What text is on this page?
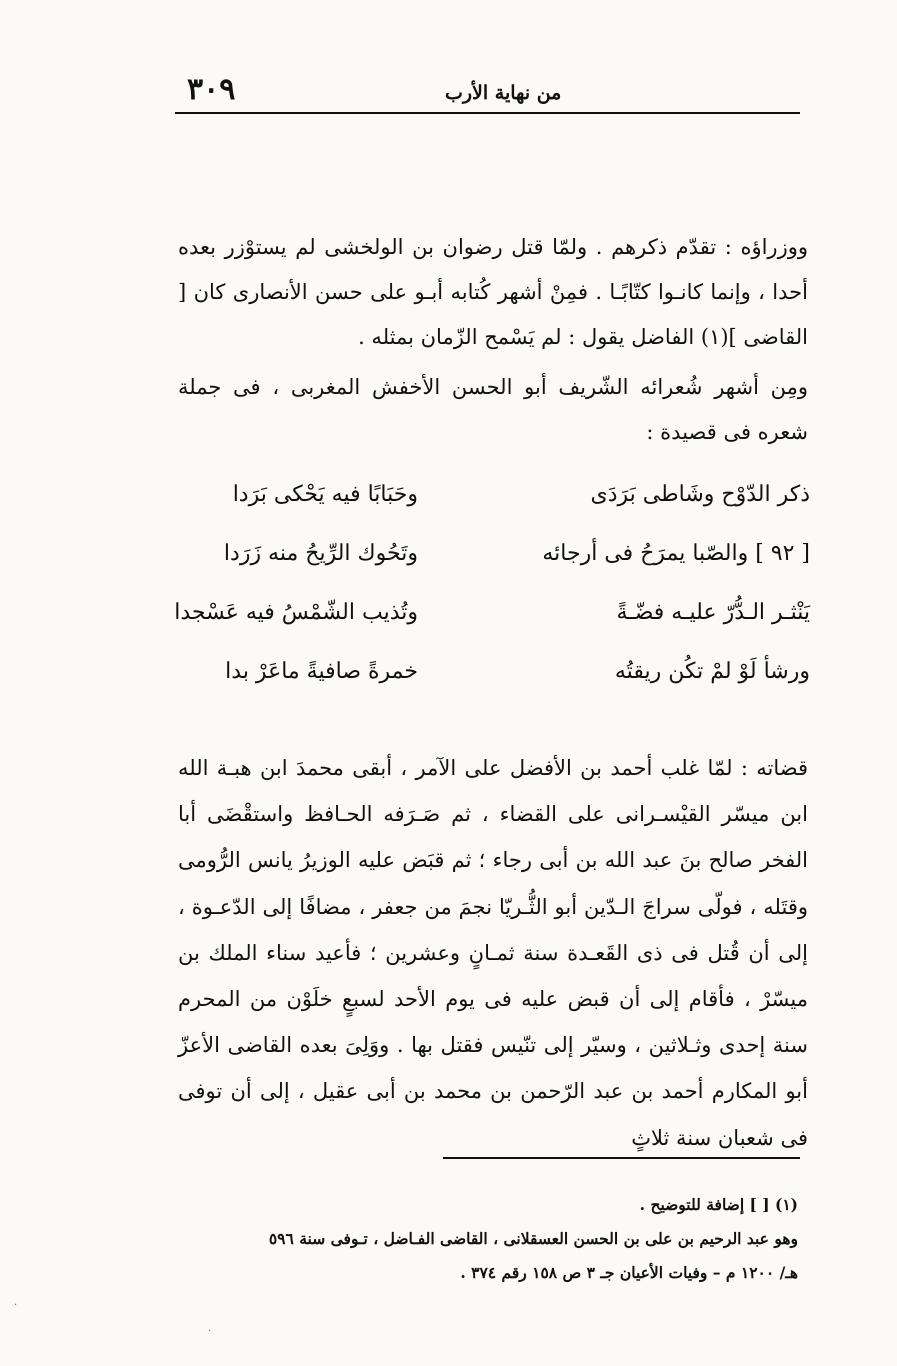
٣٠٩	من نهاية الأرب

ووزراؤه : تقدّم ذكرهم . ولمّا قتل رضوان بن الولخشى لم يستوْزر بعده أحدا ، وإنما كانـوا كتّابًـا . فمِنْ أشهر كُتابه أبـو على حسن الأنصارى كان [ القاضى ](١) الفاضل يقول : لم يَسْمح الزّمان بمثله .

ومِن أشهر شُعرائه الشّريف أبو الحسن الأخفش المغربى ، فى جملة شعره فى قصيدة :

ذكر الدّوْح وشَاطى بَرَدَى
وحَبَابًا فيه يَحْكى بَرَدا
[ ٩٢ ] والصّبا يمرَحُ فى أرجائه
وتَحُوك الرِّيحُ منه زَرَدا
يَنْثـر الـدُّرّ عليـه فضّـةً
وتُذيب الشّمْسُ فيه عَسْجدا
ورشأ لَوْ لمْ تكُن ريقتُه
خمرةً صافيةً ماعَرْ بدا

قضاته : لمّا غلب أحمد بن الأفضل على الآمر ، أبقى محمدَ ابن هبـة الله ابن ميسّر القيْسـرانى على القضاء ، ثم صَـرَفه الحـافظ واستقْضَى أبا الفخر صالح بنَ عبد الله بن أبى رجاء ؛ ثم قبَض عليه الوزيرُ يانس الرُّومى وقتَله ، فولّى سراجَ الـدّين أبو الثُّـريّا نجمَ من جعفر ، مضافًا إلى الدّعـوة ، إلى أن قُتل فى ذى القَعـدة سنة ثمـانٍ وعشرين ؛ فأعيد سناء الملك بن ميسّرْ ، فأقام إلى أن قبض عليه فى يوم الأحد لسبعٍ خلَوْن من المحرم سنة إحدى وثـلاثين ، وسيّر إلى تنّيس فقتل بها . ووَلِىَ بعده القاضى الأعزّ أبو المكارم أحمد بن عبد الرّحمن بن محمد بن أبى عقيل ، إلى أن توفى فى شعبان سنة ثلاثٍ

(١) [ ] إضافة للتوضيح .
وهو عبد الرحيم بن على بن الحسن العسقلانى ، القاضى الفـاضل ، تـوفى سنة ٥٩٦
هـ/ ١٢٠٠ م – وفيات الأعيان جـ ٣ ص ١٥٨ رقم ٣٧٤ .
·
·
